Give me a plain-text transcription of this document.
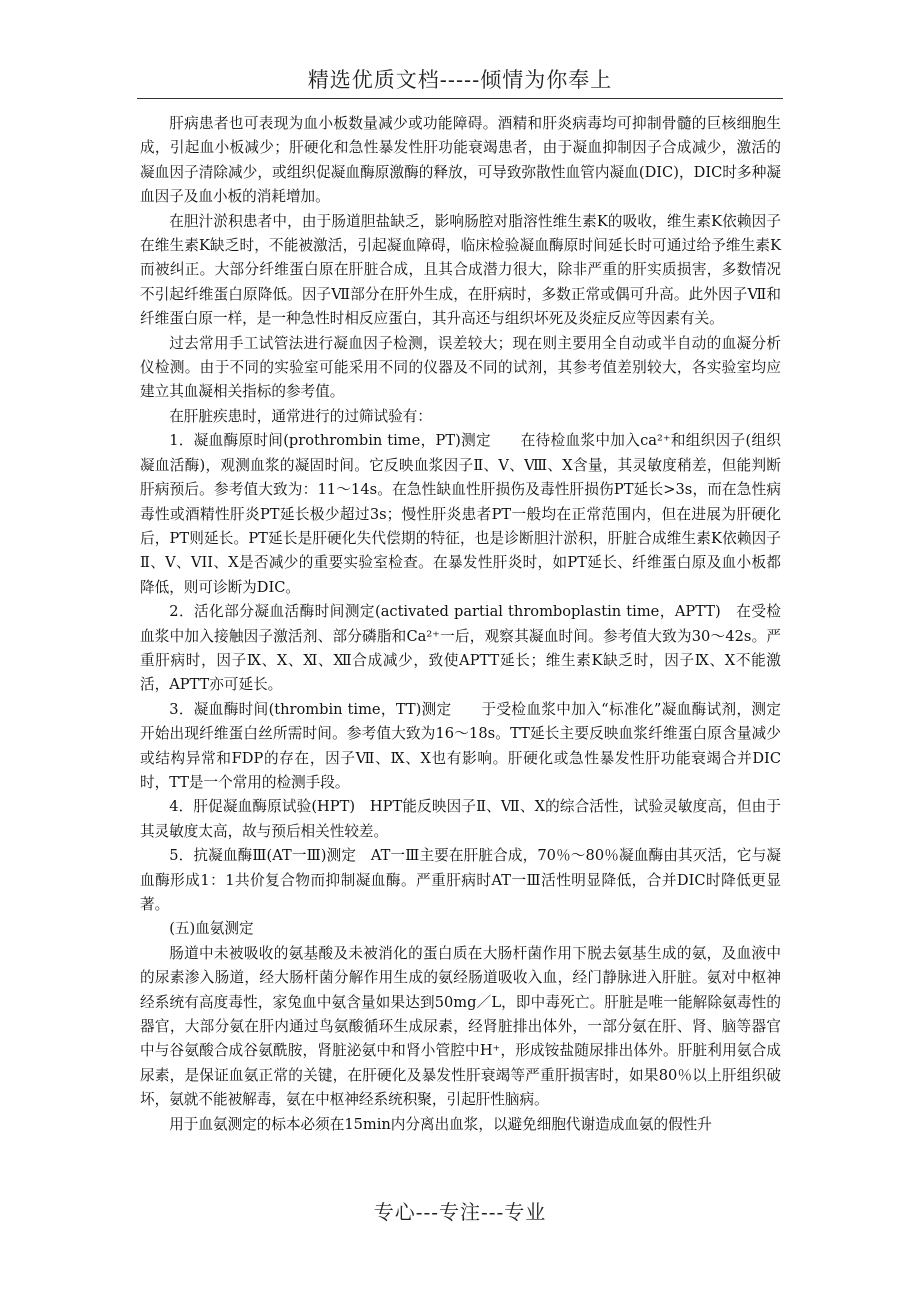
精选优质文档-----倾情为你奉上

肝病患者也可表现为血小板数量减少或功能障碍。酒精和肝炎病毒均可抑制骨髓的巨核细胞生成，引起血小板减少；肝硬化和急性暴发性肝功能衰竭患者，由于凝血抑制因子合成减少，激活的凝血因子清除减少，或组织促凝血酶原激酶的释放，可导致弥散性血管内凝血(DIC)，DIC时多种凝血因子及血小板的消耗增加。

在胆汁淤积患者中，由于肠道胆盐缺乏，影响肠腔对脂溶性维生素K的吸收，维生素K依赖因子在维生素K缺乏时，不能被激活，引起凝血障碍，临床检验凝血酶原时间延长时可通过给予维生素K而被纠正。大部分纤维蛋白原在肝脏合成，且其合成潜力很大，除非严重的肝实质损害，多数情况不引起纤维蛋白原降低。因子Ⅶ部分在肝外生成，在肝病时，多数正常或偶可升高。此外因子Ⅶ和纤维蛋白原一样，是一种急性时相反应蛋白，其升高还与组织坏死及炎症反应等因素有关。

过去常用手工试管法进行凝血因子检测，误差较大；现在则主要用全自动或半自动的血凝分析仪检测。由于不同的实验室可能采用不同的仪器及不同的试剂，其参考值差别较大，各实验室均应建立其血凝相关指标的参考值。

在肝脏疾患时，通常进行的过筛试验有：

1．凝血酶原时间(prothrombin time，PT)测定　　在待检血浆中加入ca²⁺和组织因子(组织凝血活酶)，观测血浆的凝固时间。它反映血浆因子Ⅱ、Ⅴ、Ⅷ、Ⅹ含量，其灵敏度稍差，但能判断肝病预后。参考值大致为：11～14s。在急性缺血性肝损伤及毒性肝损伤PT延长>3s，而在急性病毒性或酒精性肝炎PT延长极少超过3s；慢性肝炎患者PT一般均在正常范围内，但在进展为肝硬化后，PT则延长。PT延长是肝硬化失代偿期的特征，也是诊断胆汁淤积，肝脏合成维生素K依赖因子Ⅱ、Ⅴ、VII、Ⅹ是否减少的重要实验室检查。在暴发性肝炎时，如PT延长、纤维蛋白原及血小板都降低，则可诊断为DIC。

2．活化部分凝血活酶时间测定(activated partial thromboplastin time，APTT)　在受检血浆中加入接触因子激活剂、部分磷脂和Ca²⁺一后，观察其凝血时间。参考值大致为30～42s。严重肝病时，因子Ⅸ、Ⅹ、Ⅺ、Ⅻ合成减少，致使APTT延长；维生素K缺乏时，因子Ⅸ、Ⅹ不能激活，APTT亦可延长。

3．凝血酶时间(thrombin time，TT)测定　　于受检血浆中加入“标准化”凝血酶试剂，测定开始出现纤维蛋白丝所需时间。参考值大致为16～18s。TT延长主要反映血浆纤维蛋白原含量减少或结构异常和FDP的存在，因子Ⅶ、Ⅸ、Ⅹ也有影响。肝硬化或急性暴发性肝功能衰竭合并DIC时，TT是一个常用的检测手段。

4．肝促凝血酶原试验(HPT)　HPT能反映因子Ⅱ、Ⅶ、Ⅹ的综合活性，试验灵敏度高，但由于其灵敏度太高，故与预后相关性较差。

5．抗凝血酶Ⅲ(AT一Ⅲ)测定　AT一Ⅲ主要在肝脏合成，70％～80％凝血酶由其灭活，它与凝血酶形成1：1共价复合物而抑制凝血酶。严重肝病时AT一Ⅲ活性明显降低，合并DIC时降低更显著。

(五)血氨测定

肠道中未被吸收的氨基酸及未被消化的蛋白质在大肠杆菌作用下脱去氨基生成的氨，及血液中的尿素渗入肠道，经大肠杆菌分解作用生成的氨经肠道吸收入血，经门静脉进入肝脏。氨对中枢神经系统有高度毒性，家兔血中氨含量如果达到50mg／L，即中毒死亡。肝脏是唯一能解除氨毒性的器官，大部分氨在肝内通过鸟氨酸循环生成尿素，经肾脏排出体外，一部分氨在肝、肾、脑等器官中与谷氨酸合成谷氨酰胺，肾脏泌氨中和肾小管腔中H⁺，形成铵盐随尿排出体外。肝脏利用氨合成尿素，是保证血氨正常的关键，在肝硬化及暴发性肝衰竭等严重肝损害时，如果80％以上肝组织破坏，氨就不能被解毒，氨在中枢神经系统积聚，引起肝性脑病。

用于血氨测定的标本必须在15min内分离出血浆，以避免细胞代谢造成血氨的假性升

专心---专注---专业
